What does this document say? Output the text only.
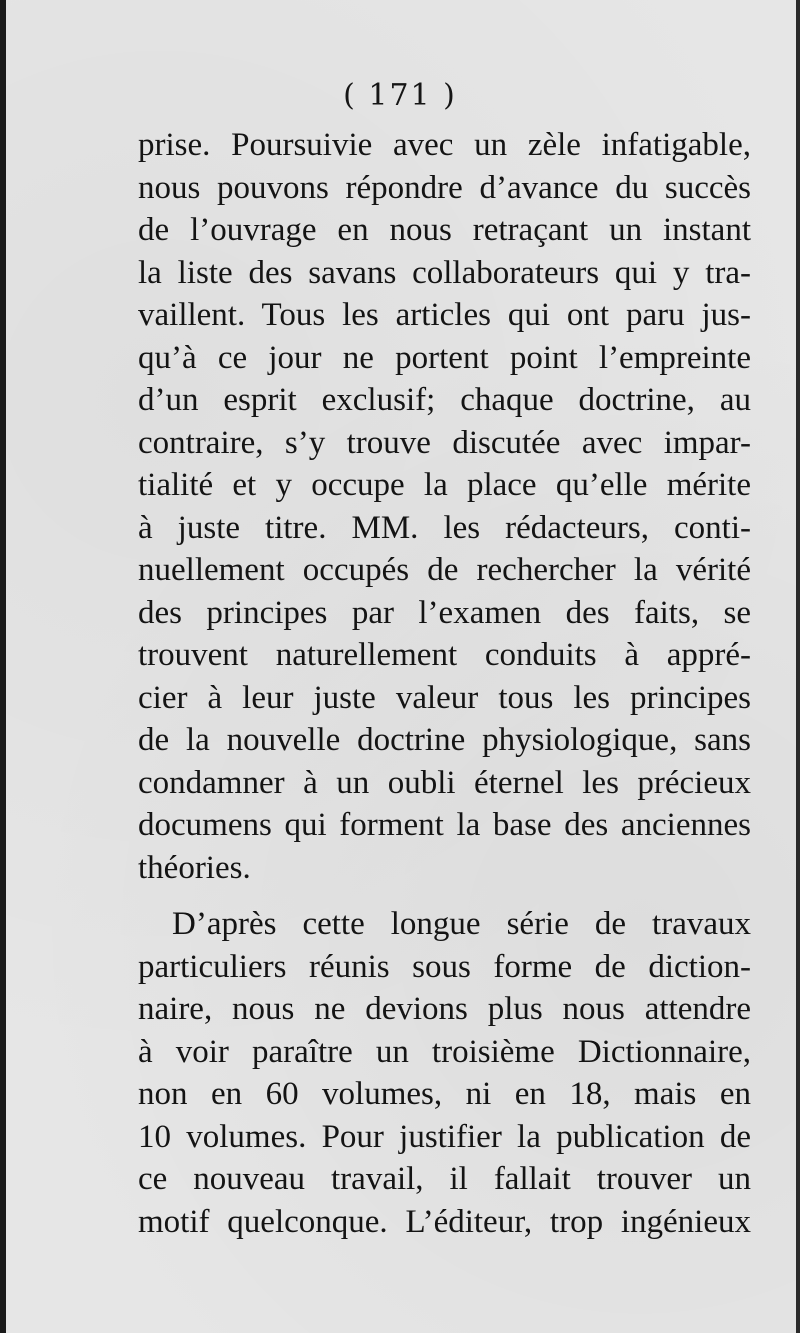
( 171 )
prise. Poursuivie avec un zèle infatigable,
nous pouvons répondre d’avance du succès
de l’ouvrage en nous retraçant un instant
la liste des savans collaborateurs qui y tra-
vaillent. Tous les articles qui ont paru jus-
qu’à ce jour ne portent point l’empreinte
d’un esprit exclusif; chaque doctrine, au
contraire, s’y trouve discutée avec impar-
tialité et y occupe la place qu’elle mérite
à juste titre. MM. les rédacteurs, conti-
nuellement occupés de rechercher la vérité
des principes par l’examen des faits, se
trouvent naturellement conduits à appré-
cier à leur juste valeur tous les principes
de la nouvelle doctrine physiologique, sans
condamner à un oubli éternel les précieux
documens qui forment la base des anciennes
théories.
D’après cette longue série de travaux
particuliers réunis sous forme de diction-
naire, nous ne devions plus nous attendre
à voir paraître un troisième Dictionnaire,
non en 60 volumes, ni en 18, mais en
10 volumes. Pour justifier la publication de
ce nouveau travail, il fallait trouver un
motif quelconque. L’éditeur, trop ingénieux
